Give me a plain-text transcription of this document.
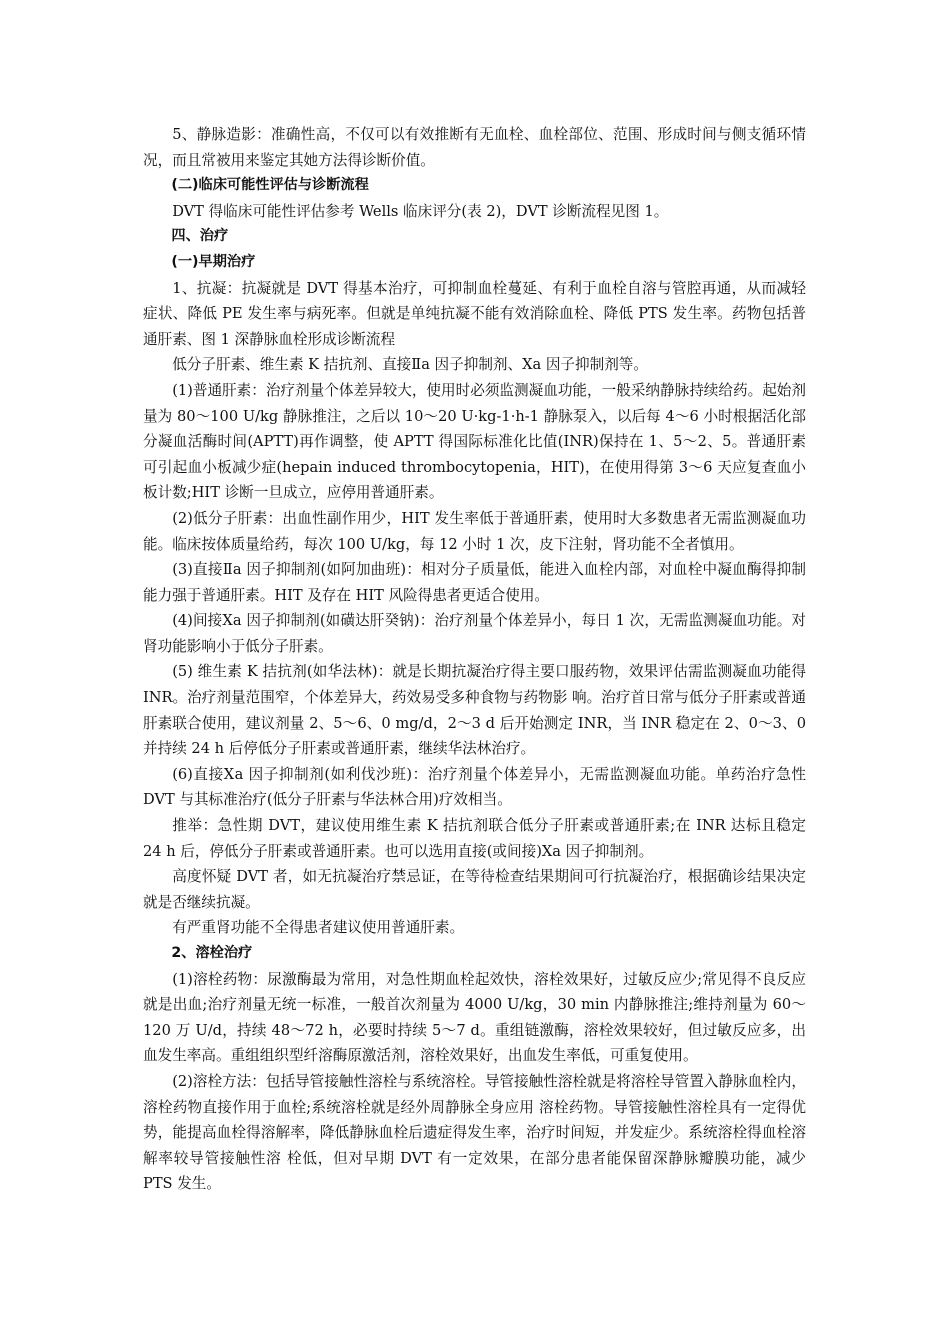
5、静脉造影：准确性高，不仅可以有效推断有无血栓、血栓部位、范围、形成时间与侧支循环情况，而且常被用来鉴定其她方法得诊断价值。

(二)临床可能性评估与诊断流程

DVT 得临床可能性评估参考 Wells 临床评分(表 2)，DVT 诊断流程见图 1。

四、治疗

(一)早期治疗

1、抗凝：抗凝就是 DVT 得基本治疗，可抑制血栓蔓延、有利于血栓自溶与管腔再通，从而减轻症状、降低 PE 发生率与病死率。但就是单纯抗凝不能有效消除血栓、降低 PTS 发生率。药物包括普通肝素、图 1 深静脉血栓形成诊断流程

低分子肝素、维生素 K 拮抗剂、直接Ⅱa 因子抑制剂、Ⅹa 因子抑制剂等。

(1)普通肝素：治疗剂量个体差异较大，使用时必须监测凝血功能，一般采纳静脉持续给药。起始剂量为 80～100 U/kg 静脉推注，之后以 10～20 U·kg-1·h-1 静脉泵入，以后每 4～6 小时根据活化部分凝血活酶时间(APTT)再作调整，使 APTT 得国际标准化比值(INR)保持在 1、5～2、5。普通肝素可引起血小板减少症(hepain induced thrombocytopenia，HIT)，在使用得第 3～6 天应复查血小板计数;HIT 诊断一旦成立，应停用普通肝素。

(2)低分子肝素：出血性副作用少，HIT 发生率低于普通肝素，使用时大多数患者无需监测凝血功能。临床按体质量给药，每次 100 U/kg，每 12 小时 1 次，皮下注射，肾功能不全者慎用。

(3)直接Ⅱa 因子抑制剂(如阿加曲班)：相对分子质量低，能进入血栓内部，对血栓中凝血酶得抑制能力强于普通肝素。HIT 及存在 HIT 风险得患者更适合使用。

(4)间接Ⅹa 因子抑制剂(如磺达肝癸钠)：治疗剂量个体差异小，每日 1 次，无需监测凝血功能。对肾功能影响小于低分子肝素。

(5) 维生素 K 拮抗剂(如华法林)：就是长期抗凝治疗得主要口服药物，效果评估需监测凝血功能得 INR。治疗剂量范围窄，个体差异大，药效易受多种食物与药物影 响。治疗首日常与低分子肝素或普通肝素联合使用，建议剂量 2、5～6、0 mg/d，2～3 d 后开始测定 INR，当 INR 稳定在 2、0～3、0 并持续 24 h 后停低分子肝素或普通肝素，继续华法林治疗。

(6)直接Ⅹa 因子抑制剂(如利伐沙班)：治疗剂量个体差异小，无需监测凝血功能。单药治疗急性 DVT 与其标准治疗(低分子肝素与华法林合用)疗效相当。

推举：急性期 DVT，建议使用维生素 K 拮抗剂联合低分子肝素或普通肝素;在 INR 达标且稳定 24 h 后，停低分子肝素或普通肝素。也可以选用直接(或间接)Ⅹa 因子抑制剂。

高度怀疑 DVT 者，如无抗凝治疗禁忌证，在等待检查结果期间可行抗凝治疗，根据确诊结果决定就是否继续抗凝。

有严重肾功能不全得患者建议使用普通肝素。

2、溶栓治疗

(1)溶栓药物：尿激酶最为常用，对急性期血栓起效快，溶栓效果好，过敏反应少;常见得不良反应就是出血;治疗剂量无统一标准，一般首次剂量为 4000 U/kg，30 min 内静脉推注;维持剂量为 60～120 万 U/d，持续 48～72 h，必要时持续 5～7 d。重组链激酶，溶栓效果较好，但过敏反应多，出血发生率高。重组组织型纤溶酶原激活剂，溶栓效果好，出血发生率低，可重复使用。

(2)溶栓方法：包括导管接触性溶栓与系统溶栓。导管接触性溶栓就是将溶栓导管置入静脉血栓内，溶栓药物直接作用于血栓;系统溶栓就是经外周静脉全身应用 溶栓药物。导管接触性溶栓具有一定得优势，能提高血栓得溶解率，降低静脉血栓后遗症得发生率，治疗时间短，并发症少。系统溶栓得血栓溶解率较导管接触性溶 栓低，但对早期 DVT 有一定效果，在部分患者能保留深静脉瓣膜功能，减少 PTS 发生。
